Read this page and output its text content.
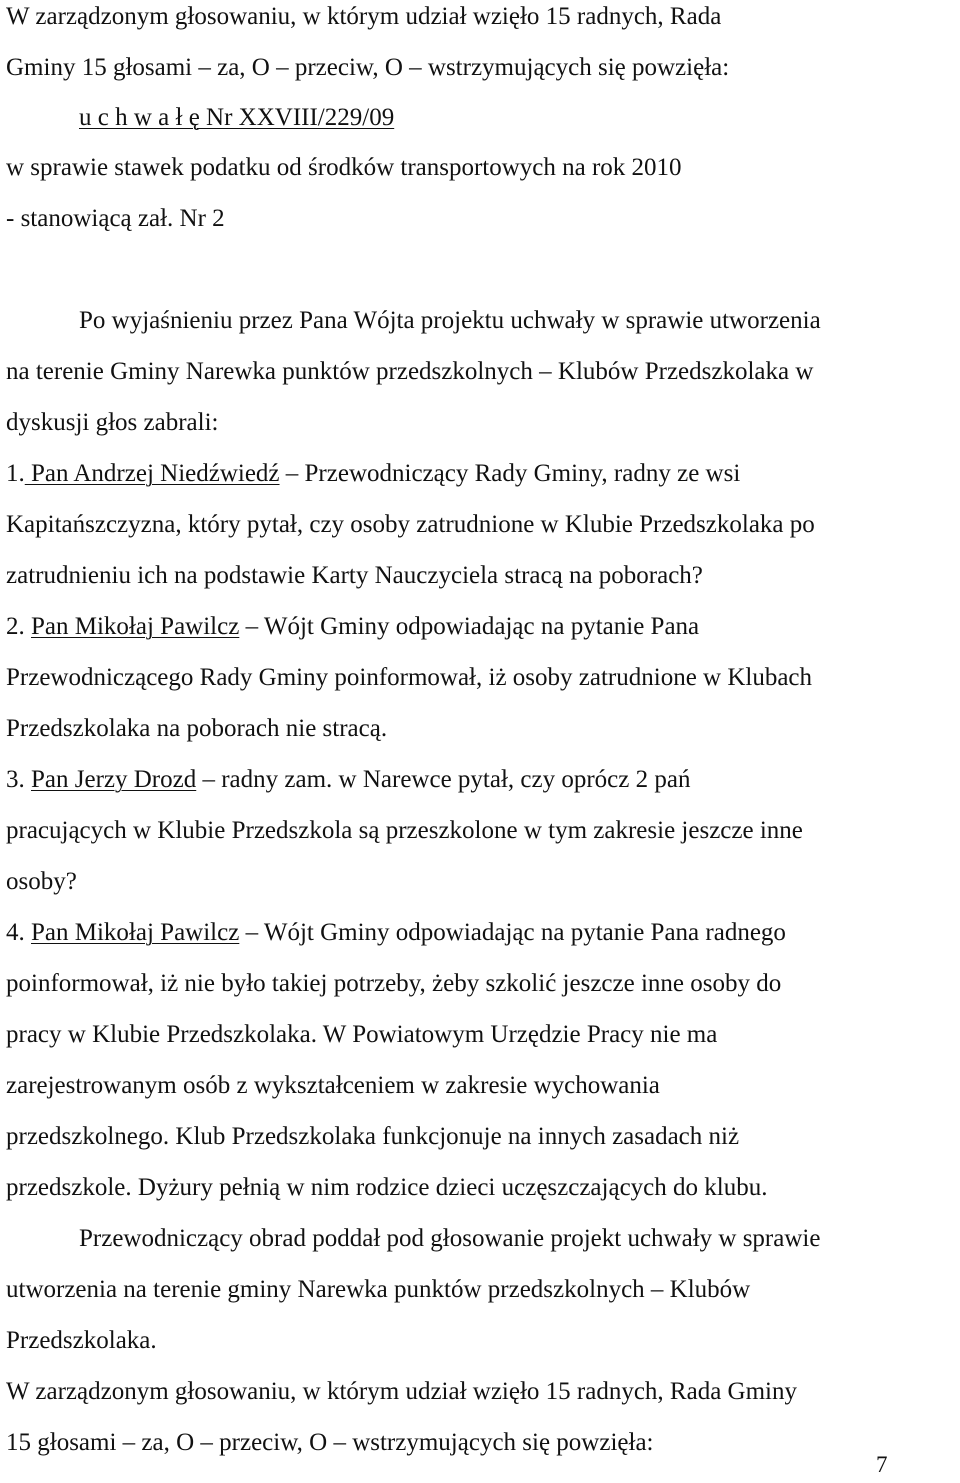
W zarządzonym głosowaniu, w którym udział wzięło 15 radnych, Rada
Gminy 15 głosami – za, O – przeciw, O – wstrzymujących się powzięła:
u c h w a ł ę Nr XXVIII/229/09
w sprawie stawek podatku od środków transportowych na rok 2010
- stanowiącą zał. Nr 2
Po wyjaśnieniu przez Pana Wójta projektu uchwały w sprawie utworzenia
na terenie Gminy Narewka punktów przedszkolnych – Klubów Przedszkolaka w
dyskusji głos zabrali:
1. Pan Andrzej Niedźwiedź – Przewodniczący Rady Gminy, radny ze wsi
Kapitańszczyzna, który pytał, czy osoby zatrudnione w Klubie Przedszkolaka po
zatrudnieniu ich na podstawie Karty Nauczyciela stracą na poborach?
2. Pan Mikołaj Pawilcz – Wójt Gminy odpowiadając na pytanie Pana
Przewodniczącego Rady Gminy poinformował, iż osoby zatrudnione w Klubach
Przedszkolaka na poborach nie stracą.
3. Pan Jerzy Drozd – radny zam. w Narewce pytał, czy oprócz 2 pań
pracujących w Klubie Przedszkola są przeszkolone w tym zakresie jeszcze inne
osoby?
4. Pan Mikołaj Pawilcz – Wójt Gminy odpowiadając na pytanie Pana radnego
poinformował, iż nie było takiej potrzeby, żeby szkolić jeszcze inne osoby do
pracy w Klubie Przedszkolaka. W Powiatowym Urzędzie Pracy nie ma
zarejestrowanym osób z wykształceniem w zakresie wychowania
przedszkolnego. Klub Przedszkolaka funkcjonuje na innych zasadach niż
przedszkole. Dyżury pełnią w nim rodzice dzieci uczęszczających do klubu.
Przewodniczący obrad poddał pod głosowanie projekt uchwały w sprawie
utworzenia na terenie gminy Narewka punktów przedszkolnych – Klubów
Przedszkolaka.
W zarządzonym głosowaniu, w którym udział wzięło 15 radnych, Rada Gminy
15 głosami – za, O – przeciw, O – wstrzymujących się powzięła:
7
